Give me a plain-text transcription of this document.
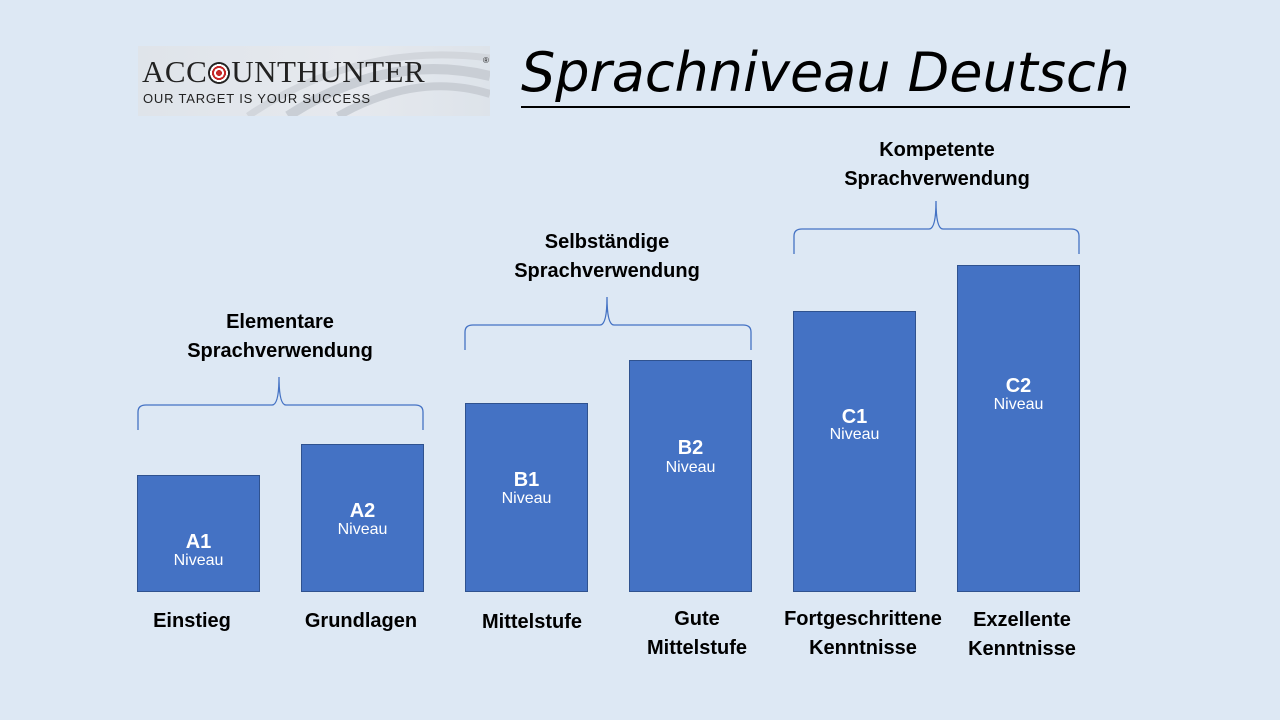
ACC UNTHUNTER	®
OUR TARGET IS YOUR SUCCESS	Sprachniveau Deutsch
Elementare
Sprachverwendung
Selbständige
Sprachverwendung
Kompetente
Sprachverwendung
A1
Niveau
A2
Niveau
B1
Niveau
B2
Niveau
C1
Niveau
C2
Niveau
Einstieg	Grundlagen	Mittelstufe	Gute
Mittelstufe
Fortgeschrittene
Kenntnisse
Exzellente
Kenntnisse
